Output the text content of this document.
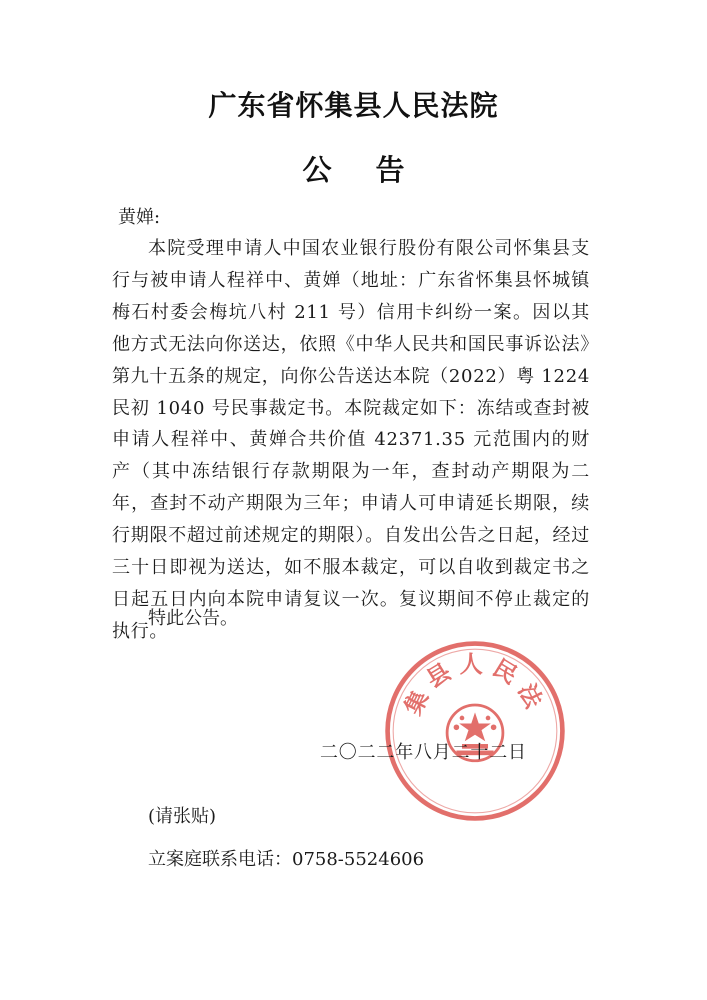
广东省怀集县人民法院
公告
黄婵:
本院受理申请人中国农业银行股份有限公司怀集县支行与被申请人程祥中、黄婵（地址：广东省怀集县怀城镇梅石村委会梅坑八村 211 号）信用卡纠纷一案。因以其他方式无法向你送达，依照《中华人民共和国民事诉讼法》第九十五条的规定，向你公告送达本院（2022）粤 1224 民初 1040 号民事裁定书。本院裁定如下：冻结或查封被申请人程祥中、黄婵合共价值 42371.35 元范围内的财产（其中冻结银行存款期限为一年，查封动产期限为二年，查封不动产期限为三年；申请人可申请延长期限，续行期限不超过前述规定的期限）。自发出公告之日起，经过三十日即视为送达，如不服本裁定，可以自收到裁定书之日起五日内向本院申请复议一次。复议期间不停止裁定的执行。
特此公告。
集县人民法
二〇二二年八月二十二日
(请张贴)
立案庭联系电话：0758-5524606
